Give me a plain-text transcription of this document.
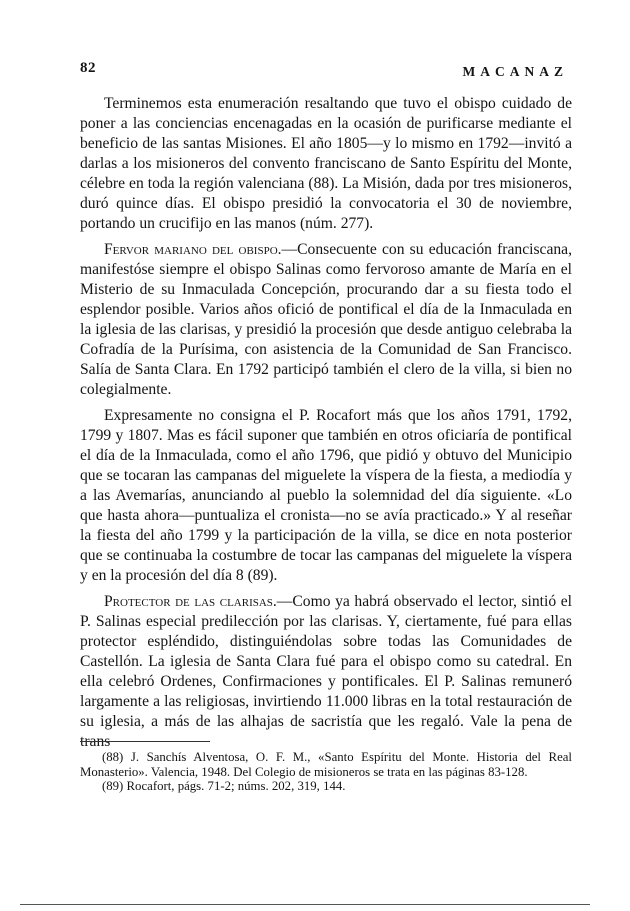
82	MACANAZ

Terminemos esta enumeración resaltando que tuvo el obispo cuidado de poner a las conciencias encenagadas en la ocasión de purificarse mediante el beneficio de las santas Misiones. El año 1805—y lo mismo en 1792—invitó a darlas a los misioneros del convento franciscano de Santo Espíritu del Monte, célebre en toda la región valenciana (88). La Misión, dada por tres misioneros, duró quince días. El obispo presidió la convocatoria el 30 de noviembre, portando un crucifijo en las manos (núm. 277).

Fervor mariano del obispo.—Consecuente con su educación franciscana, manifestóse siempre el obispo Salinas como fervoroso amante de María en el Misterio de su Inmaculada Concepción, procurando dar a su fiesta todo el esplendor posible. Varios años ofició de pontifical el día de la Inmaculada en la iglesia de las clarisas, y presidió la procesión que desde antiguo celebraba la Cofradía de la Purísima, con asistencia de la Comunidad de San Francisco. Salía de Santa Clara. En 1792 participó también el clero de la villa, si bien no colegialmente.

Expresamente no consigna el P. Rocafort más que los años 1791, 1792, 1799 y 1807. Mas es fácil suponer que también en otros oficiaría de pontifical el día de la Inmaculada, como el año 1796, que pidió y obtuvo del Municipio que se tocaran las campanas del miguelete la víspera de la fiesta, a mediodía y a las Avemarías, anunciando al pueblo la solemnidad del día siguiente. «Lo que hasta ahora—puntualiza el cronista—no se avía practicado.» Y al reseñar la fiesta del año 1799 y la participación de la villa, se dice en nota posterior que se continuaba la costumbre de tocar las campanas del miguelete la víspera y en la procesión del día 8 (89).

Protector de las clarisas.—Como ya habrá observado el lector, sintió el P. Salinas especial predilección por las clarisas. Y, ciertamente, fué para ellas protector espléndido, distinguiéndolas sobre todas las Comunidades de Castellón. La iglesia de Santa Clara fué para el obispo como su catedral. En ella celebró Ordenes, Confirmaciones y pontificales. El P. Salinas remuneró largamente a las religiosas, invirtiendo 11.000 libras en la total restauración de su iglesia, a más de las alhajas de sacristía que les regaló. Vale la pena de trans

(88) J. Sanchís Alventosa, O. F. M., «Santo Espíritu del Monte. Historia del Real Monasterio». Valencia, 1948. Del Colegio de misioneros se trata en las páginas 83-128.

(89) Rocafort, págs. 71-2; núms. 202, 319, 144.
